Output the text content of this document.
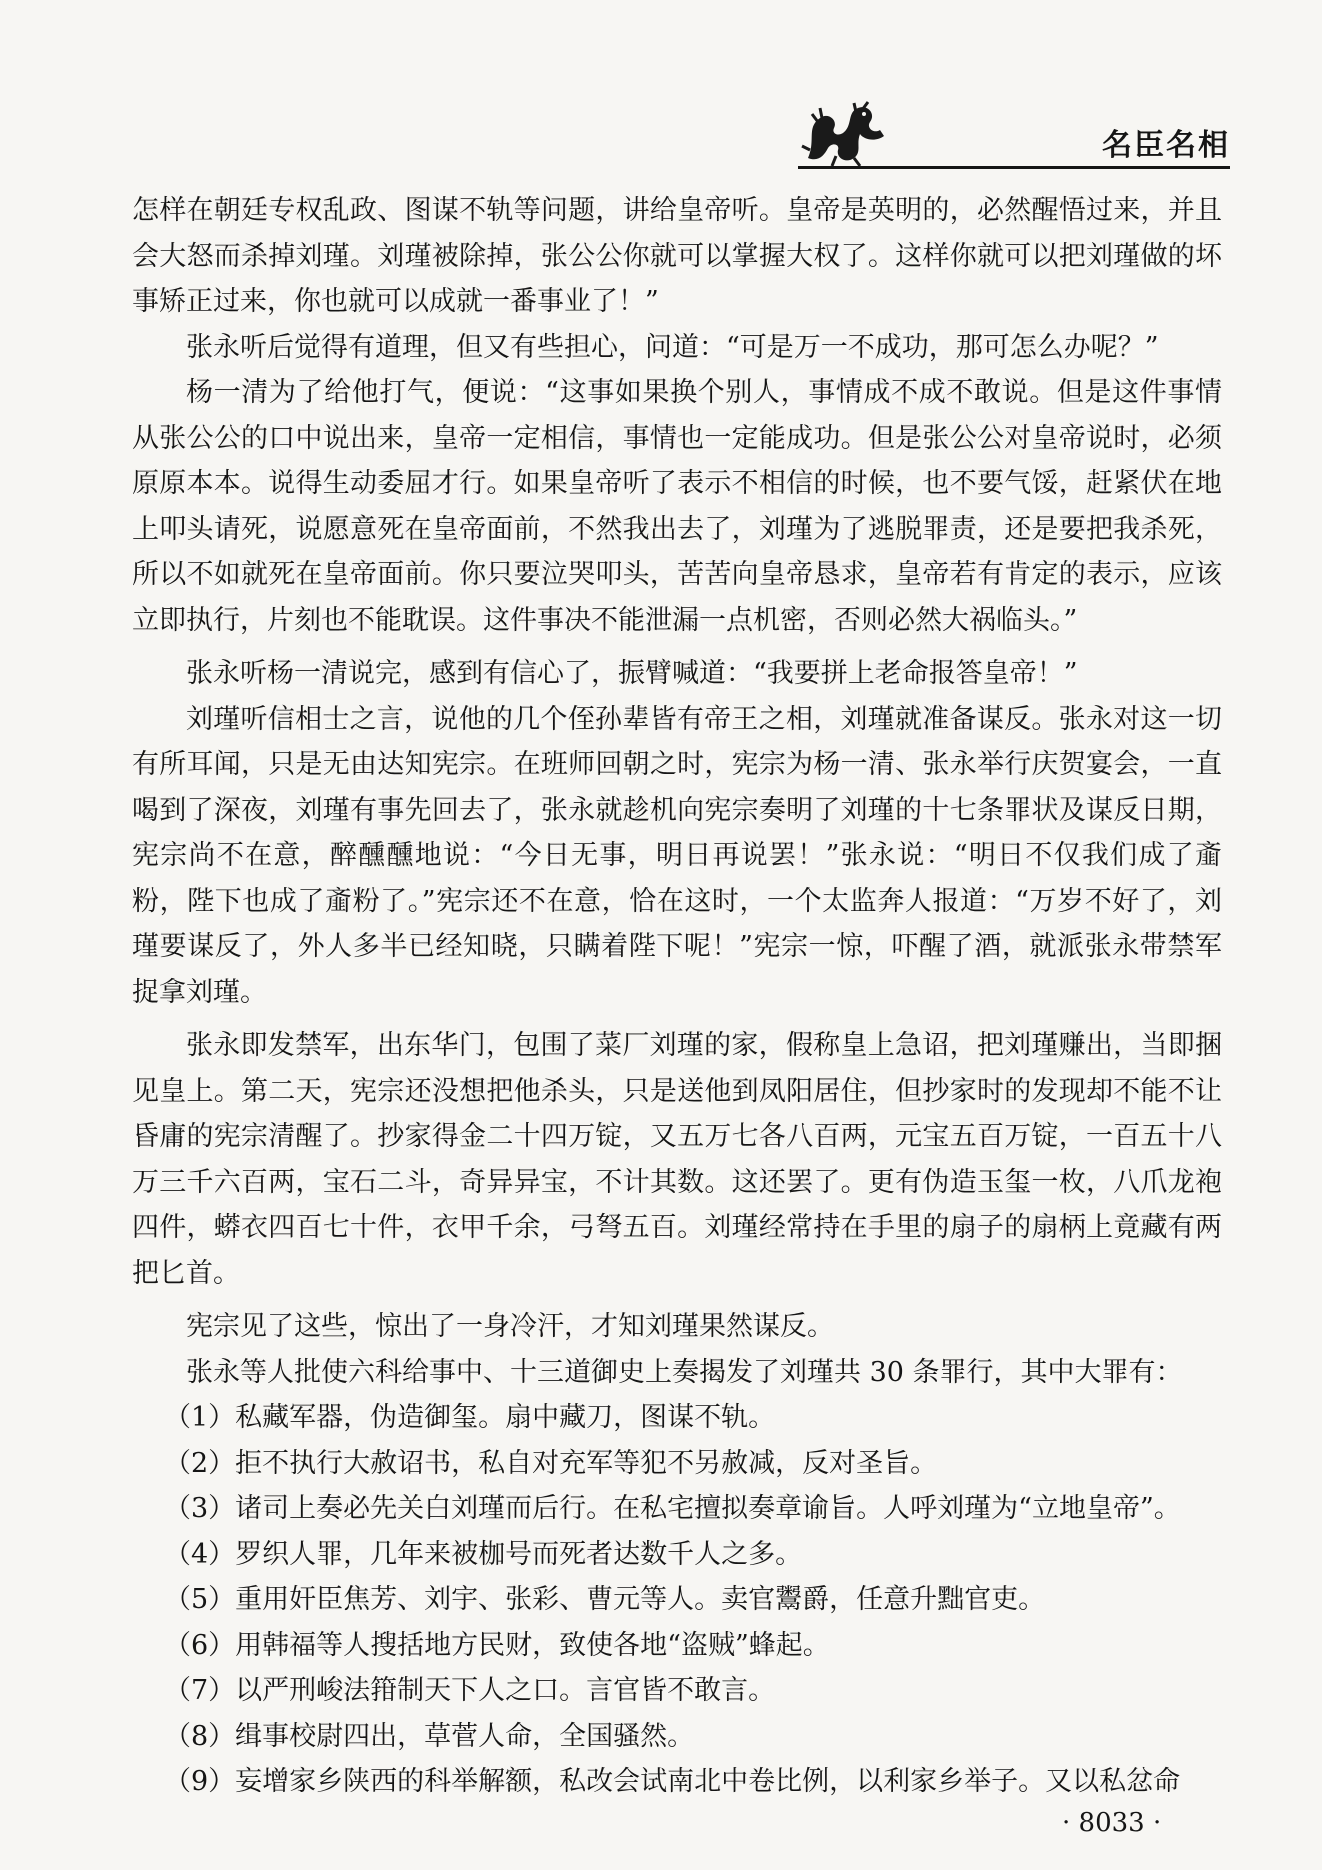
名臣名相

怎样在朝廷专权乱政、图谋不轨等问题，讲给皇帝听。皇帝是英明的，必然醒悟过来，并且会大怒而杀掉刘瑾。刘瑾被除掉，张公公你就可以掌握大权了。这样你就可以把刘瑾做的坏事矫正过来，你也就可以成就一番事业了！”

张永听后觉得有道理，但又有些担心，问道：“可是万一不成功，那可怎么办呢？”

杨一清为了给他打气，便说：“这事如果换个别人，事情成不成不敢说。但是这件事情从张公公的口中说出来，皇帝一定相信，事情也一定能成功。但是张公公对皇帝说时，必须原原本本。说得生动委屈才行。如果皇帝听了表示不相信的时候，也不要气馁，赶紧伏在地上叩头请死，说愿意死在皇帝面前，不然我出去了，刘瑾为了逃脱罪责，还是要把我杀死，所以不如就死在皇帝面前。你只要泣哭叩头，苦苦向皇帝恳求，皇帝若有肯定的表示，应该立即执行，片刻也不能耽误。这件事决不能泄漏一点机密，否则必然大祸临头。”

张永听杨一清说完，感到有信心了，振臂喊道：“我要拼上老命报答皇帝！”

刘瑾听信相士之言，说他的几个侄孙辈皆有帝王之相，刘瑾就准备谋反。张永对这一切有所耳闻，只是无由达知宪宗。在班师回朝之时，宪宗为杨一清、张永举行庆贺宴会，一直喝到了深夜，刘瑾有事先回去了，张永就趁机向宪宗奏明了刘瑾的十七条罪状及谋反日期，宪宗尚不在意，醉醺醺地说：“今日无事，明日再说罢！”张永说：“明日不仅我们成了齑粉，陛下也成了齑粉了。”宪宗还不在意，恰在这时，一个太监奔人报道：“万岁不好了，刘瑾要谋反了，外人多半已经知晓，只瞒着陛下呢！”宪宗一惊，吓醒了酒，就派张永带禁军捉拿刘瑾。

张永即发禁军，出东华门，包围了菜厂刘瑾的家，假称皇上急诏，把刘瑾赚出，当即捆见皇上。第二天，宪宗还没想把他杀头，只是送他到凤阳居住，但抄家时的发现却不能不让昏庸的宪宗清醒了。抄家得金二十四万锭，又五万七各八百两，元宝五百万锭，一百五十八万三千六百两，宝石二斗，奇异异宝，不计其数。这还罢了。更有伪造玉玺一枚，八爪龙袍四件，蟒衣四百七十件，衣甲千余，弓弩五百。刘瑾经常持在手里的扇子的扇柄上竟藏有两把匕首。

宪宗见了这些，惊出了一身冷汗，才知刘瑾果然谋反。

张永等人批使六科给事中、十三道御史上奏揭发了刘瑾共 30 条罪行，其中大罪有：

（1）私藏军器，伪造御玺。扇中藏刀，图谋不轨。

（2）拒不执行大赦诏书，私自对充军等犯不另赦减，反对圣旨。

（3）诸司上奏必先关白刘瑾而后行。在私宅擅拟奏章谕旨。人呼刘瑾为“立地皇帝”。

（4）罗织人罪，几年来被枷号而死者达数千人之多。

（5）重用奸臣焦芳、刘宇、张彩、曹元等人。卖官鬻爵，任意升黜官吏。

（6）用韩福等人搜括地方民财，致使各地“盗贼”蜂起。

（7）以严刑峻法箝制天下人之口。言官皆不敢言。

（8）缉事校尉四出，草菅人命，全国骚然。

（9）妄增家乡陕西的科举解额，私改会试南北中卷比例，以利家乡举子。又以私忿命

· 8033 ·
